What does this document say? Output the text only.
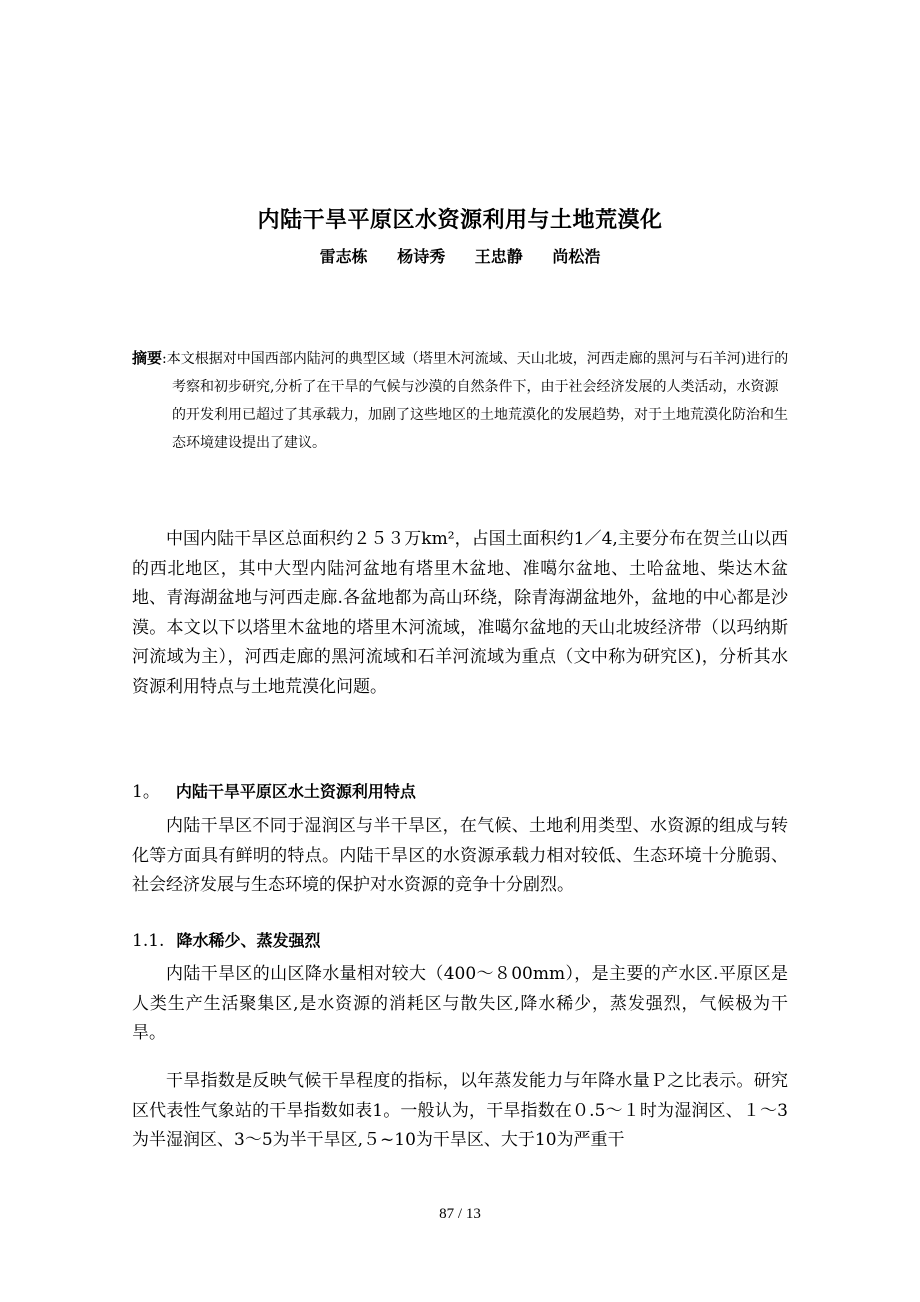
内陆干旱平原区水资源利用与土地荒漠化
雷志栋 杨诗秀 王忠静 尚松浩
摘要:本文根据对中国西部内陆河的典型区域（塔里木河流域、天山北坡，河西走廊的黑河与石羊河)进行的考察和初步研究,分析了在干旱的气候与沙漠的自然条件下，由于社会经济发展的人类活动，水资源的开发利用已超过了其承载力，加剧了这些地区的土地荒漠化的发展趋势，对于土地荒漠化防治和生态环境建设提出了建议。

中国内陆干旱区总面积约２５３万km²，占国土面积约1／4,主要分布在贺兰山以西的西北地区，其中大型内陆河盆地有塔里木盆地、准噶尔盆地、土哈盆地、柴达木盆地、青海湖盆地与河西走廊.各盆地都为高山环绕，除青海湖盆地外，盆地的中心都是沙漠。本文以下以塔里木盆地的塔里木河流域，准噶尔盆地的天山北坡经济带（以玛纳斯河流域为主），河西走廊的黑河流域和石羊河流域为重点（文中称为研究区)，分析其水资源利用特点与土地荒漠化问题。

1。 内陆干旱平原区水土资源利用特点

内陆干旱区不同于湿润区与半干旱区，在气候、土地利用类型、水资源的组成与转化等方面具有鲜明的特点。内陆干旱区的水资源承载力相对较低、生态环境十分脆弱、社会经济发展与生态环境的保护对水资源的竞争十分剧烈。

1.1. 降水稀少、蒸发强烈

内陆干旱区的山区降水量相对较大（400～８00mm），是主要的产水区.平原区是人类生产生活聚集区,是水资源的消耗区与散失区,降水稀少，蒸发强烈，气候极为干旱。

干旱指数是反映气候干旱程度的指标，以年蒸发能力与年降水量Ｐ之比表示。研究区代表性气象站的干旱指数如表1。一般认为，干旱指数在０.5～１时为湿润区、１～3为半湿润区、3～5为半干旱区,５~10为干旱区、大于10为严重干

87 / 13
